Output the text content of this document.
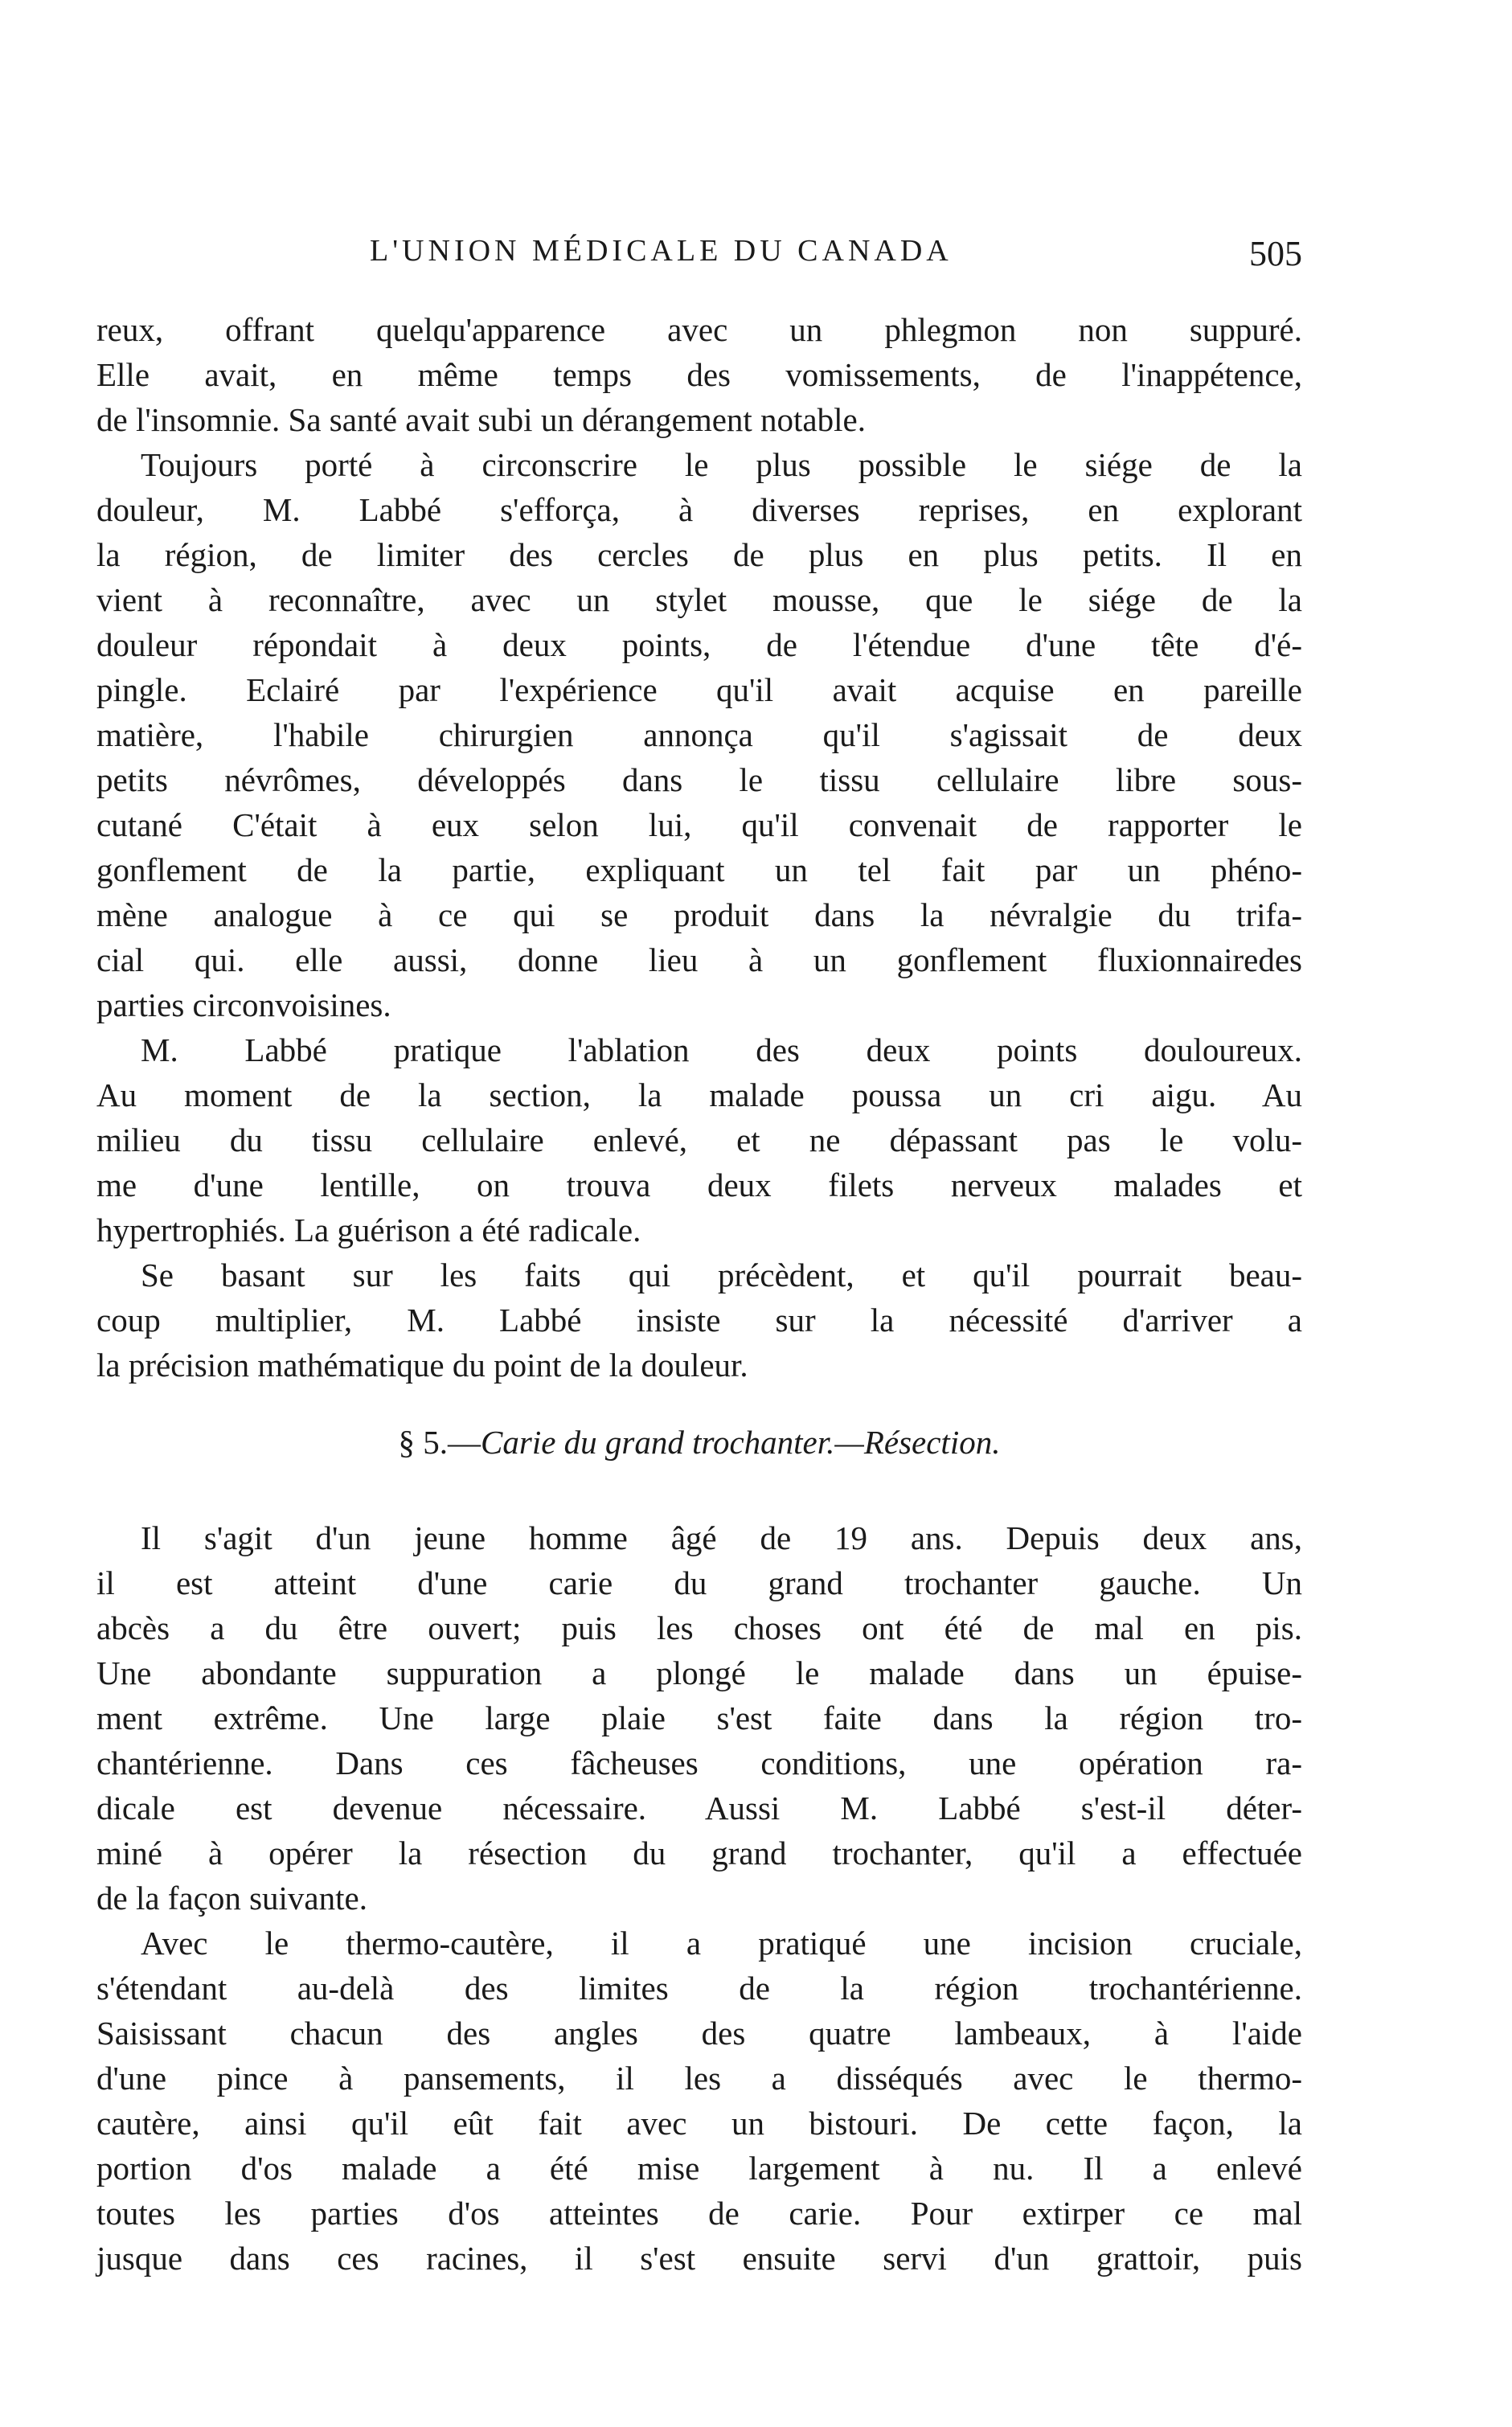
L'UNION MÉDICALE DU CANADA	505
reux, offrant quelqu'apparence avec un phlegmon non suppuré.
Elle avait, en même temps des vomissements, de l'inappétence,
de l'insomnie. Sa santé avait subi un dérangement notable.
Toujours porté à circonscrire le plus possible le siége de la
douleur, M. Labbé s'efforça, à diverses reprises, en explorant
la région, de limiter des cercles de plus en plus petits. Il en
vient à reconnaître, avec un stylet mousse, que le siége de la
douleur répondait à deux points, de l'étendue d'une tête d'é-
pingle. Eclairé par l'expérience qu'il avait acquise en pareille
matière, l'habile chirurgien annonça qu'il s'agissait de deux
petits névrômes, développés dans le tissu cellulaire libre sous-
cutané C'était à eux selon lui, qu'il convenait de rapporter le
gonflement de la partie, expliquant un tel fait par un phéno-
mène analogue à ce qui se produit dans la névralgie du trifa-
cial qui. elle aussi, donne lieu à un gonflement fluxionnairedes
parties circonvoisines.
M. Labbé pratique l'ablation des deux points douloureux.
Au moment de la section, la malade poussa un cri aigu. Au
milieu du tissu cellulaire enlevé, et ne dépassant pas le volu-
me d'une lentille, on trouva deux filets nerveux malades et
hypertrophiés. La guérison a été radicale.
Se basant sur les faits qui précèdent, et qu'il pourrait beau-
coup multiplier, M. Labbé insiste sur la nécessité d'arriver a
la précision mathématique du point de la douleur.
§ 5.—Carie du grand trochanter.—Résection.
Il s'agit d'un jeune homme âgé de 19 ans. Depuis deux ans,
il est atteint d'une carie du grand trochanter gauche. Un
abcès a du être ouvert; puis les choses ont été de mal en pis.
Une abondante suppuration a plongé le malade dans un épuise-
ment extrême. Une large plaie s'est faite dans la région tro-
chantérienne. Dans ces fâcheuses conditions, une opération ra-
dicale est devenue nécessaire. Aussi M. Labbé s'est-il déter-
miné à opérer la résection du grand trochanter, qu'il a effectuée
de la façon suivante.
Avec le thermo-cautère, il a pratiqué une incision cruciale,
s'étendant au-delà des limites de la région trochantérienne.
Saisissant chacun des angles des quatre lambeaux, à l'aide
d'une pince à pansements, il les a disséqués avec le thermo-
cautère, ainsi qu'il eût fait avec un bistouri. De cette façon, la
portion d'os malade a été mise largement à nu. Il a enlevé
toutes les parties d'os atteintes de carie. Pour extirper ce mal
jusque dans ces racines, il s'est ensuite servi d'un grattoir, puis
